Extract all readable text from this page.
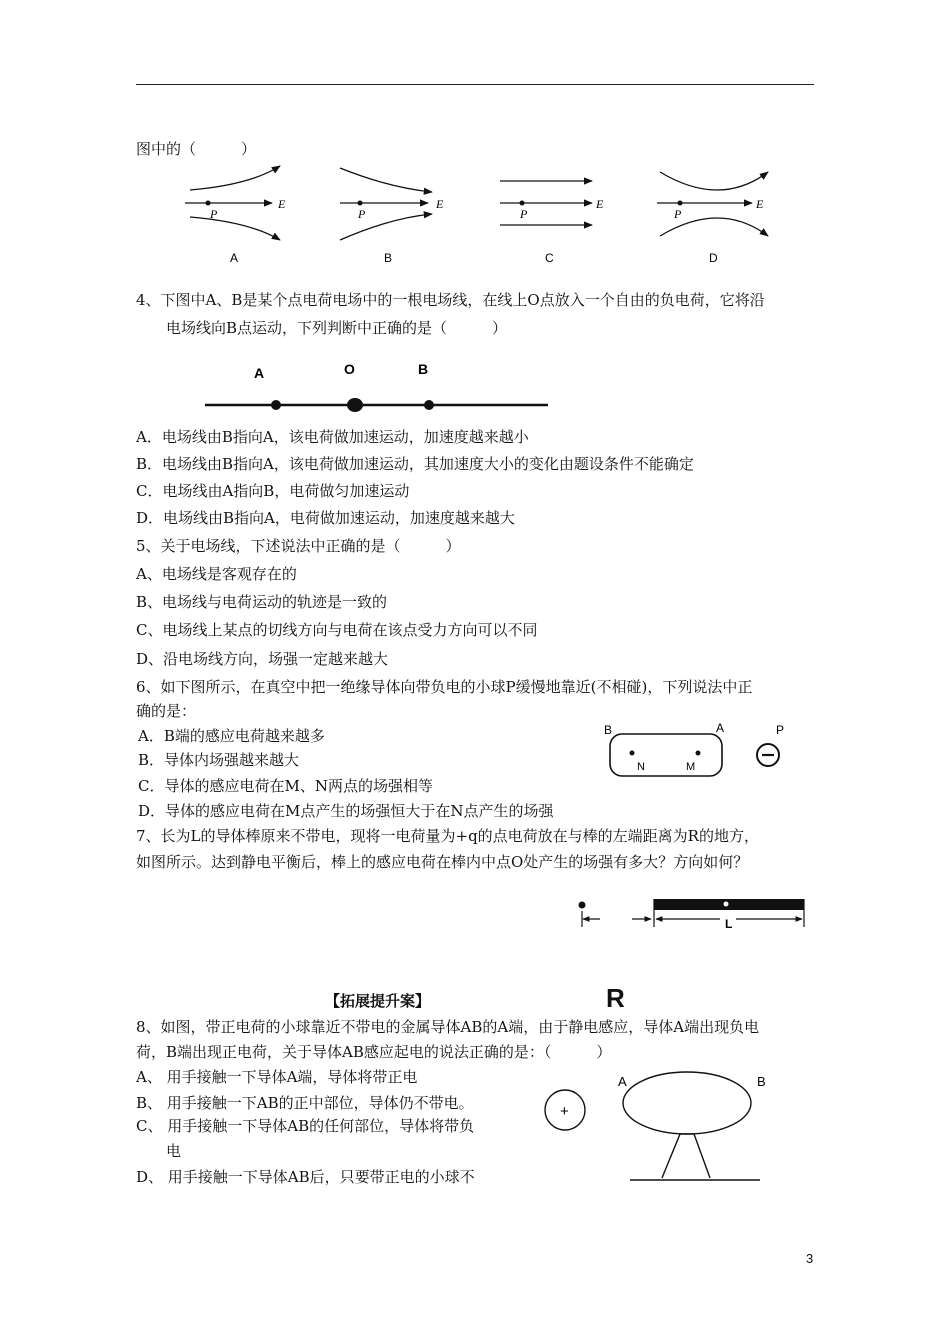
图中的（　　　）
P
E
A
P
E
B
P
E
C
P
E
D
4、下图中A、B是某个点电荷电场中的一根电场线，在线上O点放入一个自由的负电荷，它将沿
电场线向B点运动，下列判断中正确的是（　　　）
A	O	B
A．电场线由B指向A，该电荷做加速运动，加速度越来越小
B．电场线由B指向A，该电荷做加速运动，其加速度大小的变化由题设条件不能确定
C．电场线由A指向B，电荷做匀加速运动
D．电场线由B指向A，电荷做加速运动，加速度越来越大
5、关于电场线，下述说法中正确的是（　　　）
A、电场线是客观存在的
B、电场线与电荷运动的轨迹是一致的
C、电场线上某点的切线方向与电荷在该点受力方向可以不同
D、沿电场线方向，场强一定越来越大
6、如下图所示，在真空中把一绝缘导体向带负电的小球P缓慢地靠近(不相碰)，下列说法中正
确的是：
A．B端的感应电荷越来越多
B．导体内场强越来越大
C．导体的感应电荷在M、N两点的场强相等
D．导体的感应电荷在M点产生的场强恒大于在N点产生的场强
B	A	P
N	M
7、长为L的导体棒原来不带电，现将一电荷量为+q的点电荷放在与棒的左端距离为R的地方，
如图所示。达到静电平衡后，棒上的感应电荷在棒内中点O处产生的场强有多大？方向如何？
L
R
【拓展提升案】
8、如图，带正电荷的小球靠近不带电的金属导体AB的A端，由于静电感应，导体A端出现负电
荷，B端出现正电荷，关于导体AB感应起电的说法正确的是：（　　　）
A、 用手接触一下导体A端，导体将带正电
B、 用手接触一下AB的正中部位，导体仍不带电。
C、 用手接触一下导体AB的任何部位，导体将带负
电
D、 用手接触一下导体AB后，只要带正电的小球不
+
A	B
3
